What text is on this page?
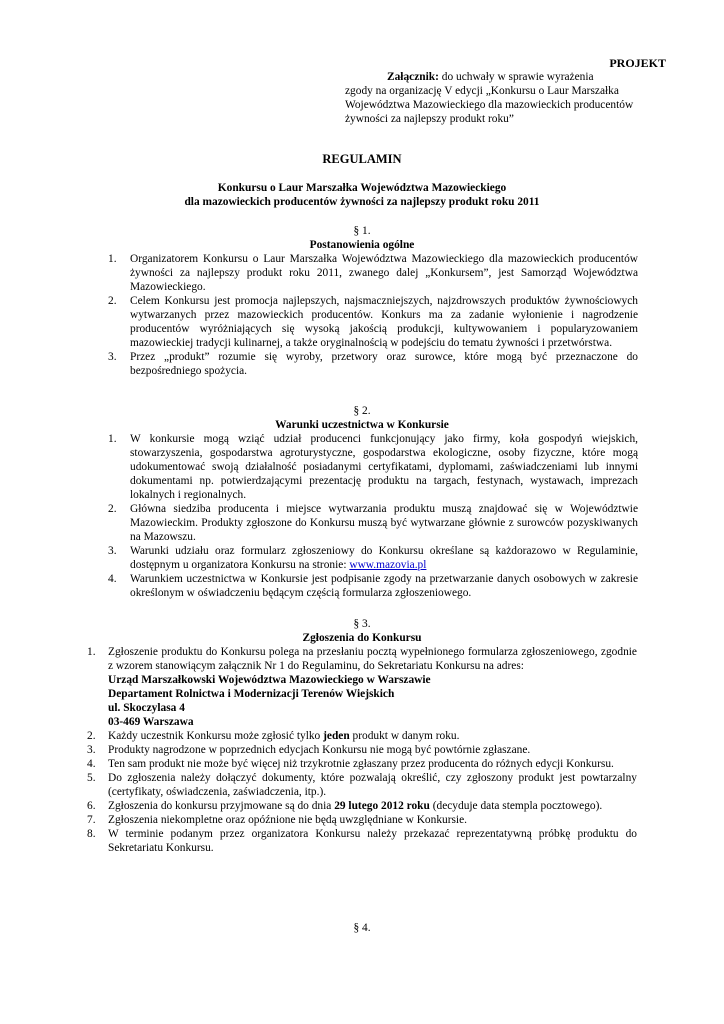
PROJEKT
Załącznik: do uchwały w sprawie wyrażenia
zgody na organizację V edycji „Konkursu o Laur Marszałka Województwa Mazowieckiego dla mazowieckich producentów żywności za najlepszy produkt roku”
REGULAMIN
Konkursu o Laur Marszałka Województwa Mazowieckiego
dla mazowieckich producentów żywności za najlepszy produkt roku 2011
§ 1.
Postanowienia ogólne
1. Organizatorem Konkursu o Laur Marszałka Województwa Mazowieckiego dla mazowieckich producentów żywności za najlepszy produkt roku 2011, zwanego dalej „Konkursem”, jest Samorząd Województwa Mazowieckiego.
2. Celem Konkursu jest promocja najlepszych, najsmaczniejszych, najzdrowszych produktów żywnościowych wytwarzanych przez mazowieckich producentów. Konkurs ma za zadanie wyłonienie i nagrodzenie producentów wyróżniających się wysoką jakością produkcji, kultywowaniem i popularyzowaniem mazowieckiej tradycji kulinarnej, a także oryginalnością w podejściu do tematu żywności i przetwórstwa.
3. Przez „produkt” rozumie się wyroby, przetwory oraz surowce, które mogą być przeznaczone do bezpośredniego spożycia.
§ 2.
Warunki uczestnictwa w Konkursie
1. W konkursie mogą wziąć udział producenci funkcjonujący jako firmy, koła gospodyń wiejskich, stowarzyszenia, gospodarstwa agroturystyczne, gospodarstwa ekologiczne, osoby fizyczne, które mogą udokumentować swoją działalność posiadanymi certyfikatami, dyplomami, zaświadczeniami lub innymi dokumentami np. potwierdzającymi prezentację produktu na targach, festynach, wystawach, imprezach lokalnych i regionalnych.
2. Główna siedziba producenta i miejsce wytwarzania produktu muszą znajdować się w Województwie Mazowieckim. Produkty zgłoszone do Konkursu muszą być wytwarzane głównie z surowców pozyskiwanych na Mazowszu.
3. Warunki udziału oraz formularz zgłoszeniowy do Konkursu określane są każdorazowo w Regulaminie, dostępnym u organizatora Konkursu na stronie: www.mazovia.pl
4. Warunkiem uczestnictwa w Konkursie jest podpisanie zgody na przetwarzanie danych osobowych w zakresie określonym w oświadczeniu będącym częścią formularza zgłoszeniowego.
§ 3.
Zgłoszenia do Konkursu
1. Zgłoszenie produktu do Konkursu polega na przesłaniu pocztą wypełnionego formularza zgłoszeniowego, zgodnie z wzorem stanowiącym załącznik Nr 1 do Regulaminu, do Sekretariatu Konkursu na adres:
Urząd Marszałkowski Województwa Mazowieckiego w Warszawie
Departament Rolnictwa i Modernizacji Terenów Wiejskich
ul. Skoczylasa 4
03-469 Warszawa
2. Każdy uczestnik Konkursu może zgłosić tylko jeden produkt w danym roku.
3. Produkty nagrodzone w poprzednich edycjach Konkursu nie mogą być powtórnie zgłaszane.
4. Ten sam produkt nie może być więcej niż trzykrotnie zgłaszany przez producenta do różnych edycji Konkursu.
5. Do zgłoszenia należy dołączyć dokumenty, które pozwalają określić, czy zgłoszony produkt jest powtarzalny (certyfikaty, oświadczenia, zaświadczenia, itp.).
6. Zgłoszenia do konkursu przyjmowane są do dnia 29 lutego 2012 roku (decyduje data stempla pocztowego).
7. Zgłoszenia niekompletne oraz opóźnione nie będą uwzględniane w Konkursie.
8. W terminie podanym przez organizatora Konkursu należy przekazać reprezentatywną próbkę produktu do Sekretariatu Konkursu.
§ 4.
